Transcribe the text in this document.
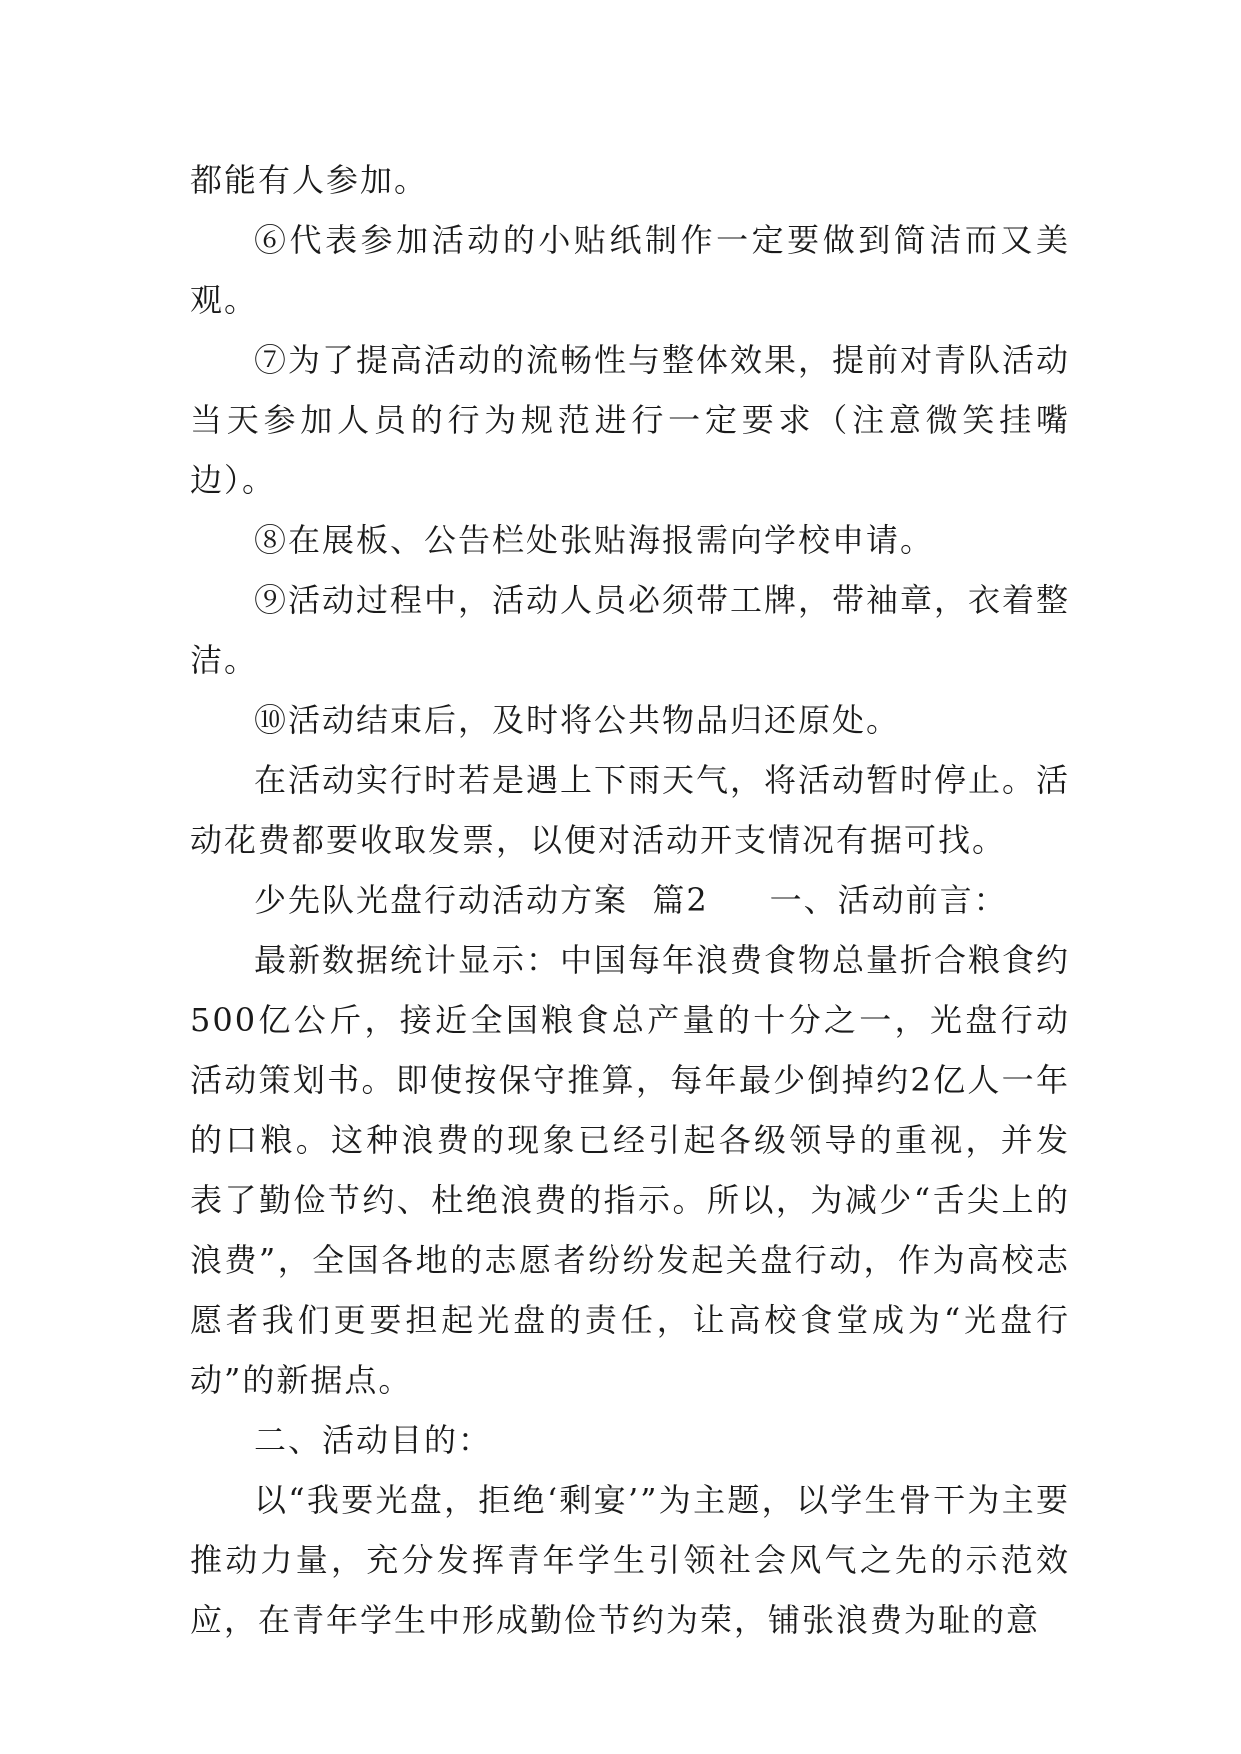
都能有人参加。

⑥代表参加活动的小贴纸制作一定要做到简洁而又美观。

⑦为了提高活动的流畅性与整体效果，提前对青队活动当天参加人员的行为规范进行一定要求（注意微笑挂嘴边）。

⑧在展板、公告栏处张贴海报需向学校申请。

⑨活动过程中，活动人员必须带工牌，带袖章，衣着整洁。

⑩活动结束后，及时将公共物品归还原处。

在活动实行时若是遇上下雨天气，将活动暂时停止。活动花费都要收取发票，以便对活动开支情况有据可找。

少先队光盘行动活动方案  篇2     一、活动前言：

最新数据统计显示：中国每年浪费食物总量折合粮食约500亿公斤，接近全国粮食总产量的十分之一，光盘行动活动策划书。即使按保守推算，每年最少倒掉约2亿人一年的口粮。这种浪费的现象已经引起各级领导的重视，并发表了勤俭节约、杜绝浪费的指示。所以，为减少“舌尖上的浪费”，全国各地的志愿者纷纷发起关盘行动，作为高校志愿者我们更要担起光盘的责任，让高校食堂成为“光盘行动”的新据点。

二、活动目的：

以“我要光盘，拒绝‘剩宴’”为主题，以学生骨干为主要推动力量，充分发挥青年学生引领社会风气之先的示范效应，在青年学生中形成勤俭节约为荣，铺张浪费为耻的意
